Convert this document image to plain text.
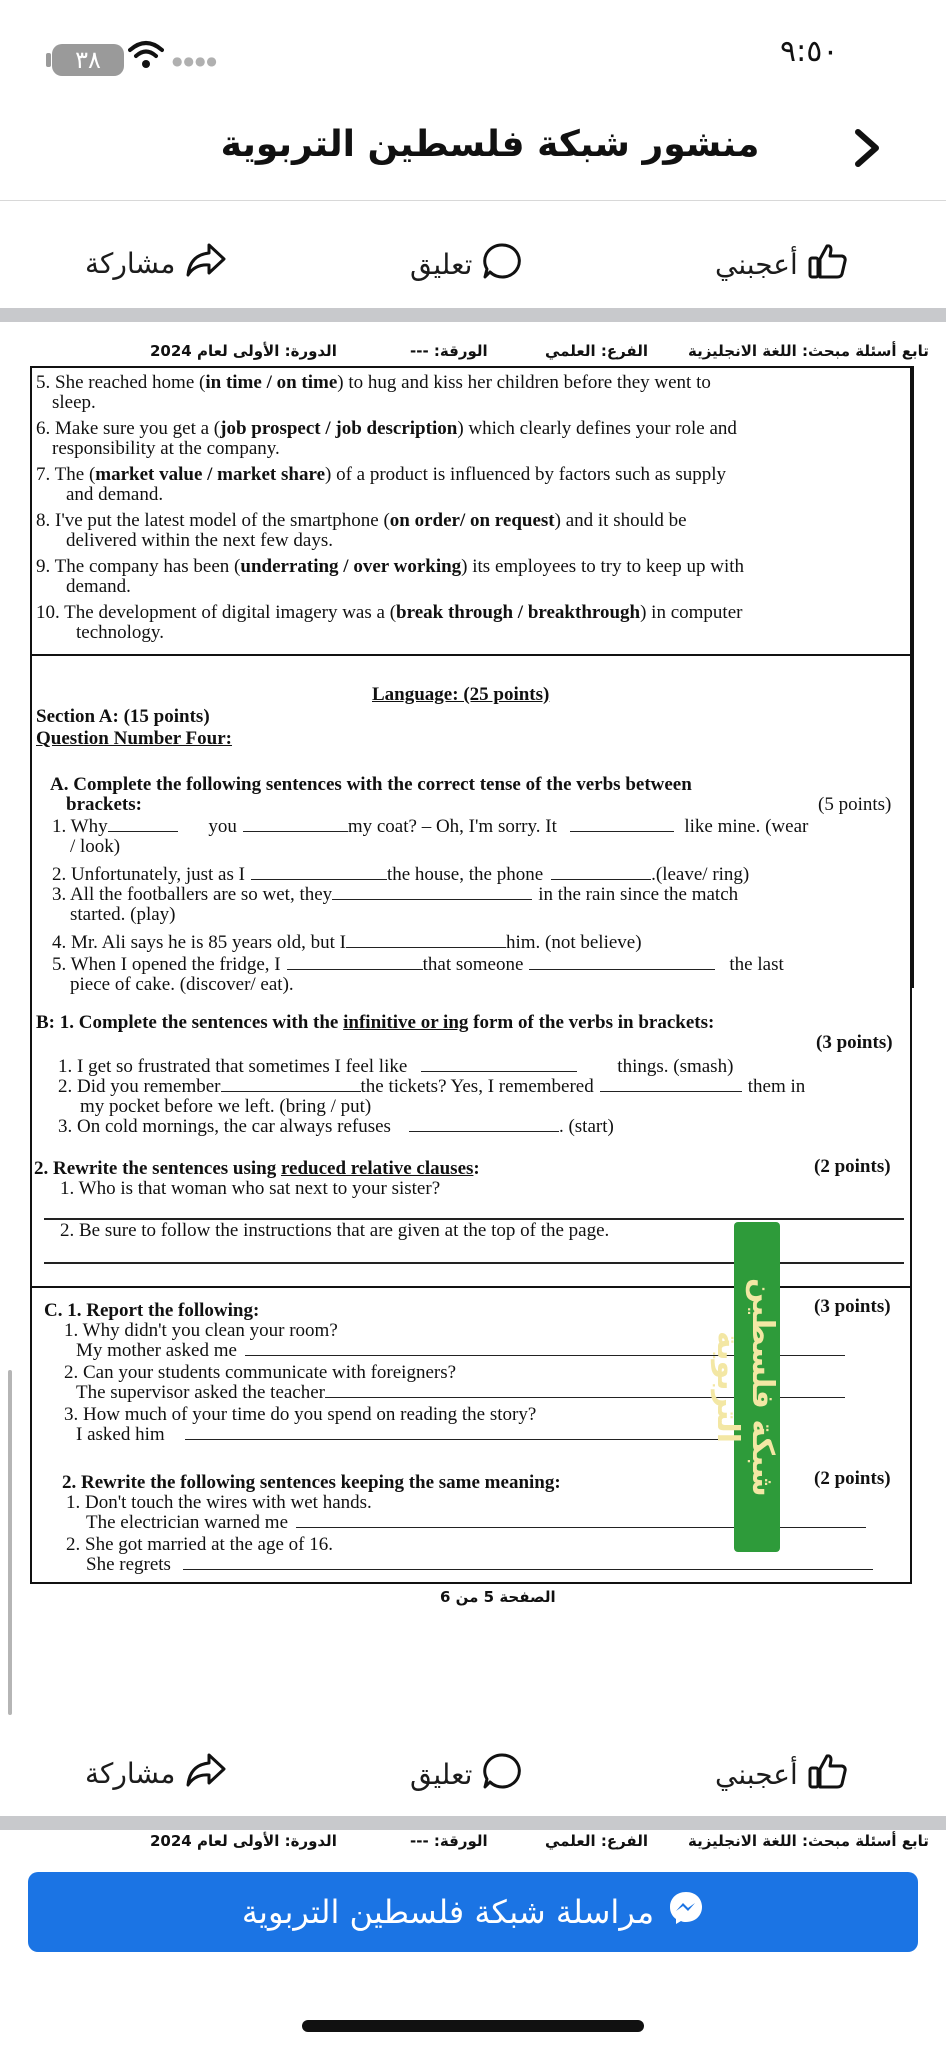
٩:٥٠
٣٨	●●●●
منشور شبكة فلسطين التربوية
أعجبني
تعليق
مشاركة
الدورة: الأولى لعام 2024	الورقة: ---	الفرع: العلمي	تابع أسئلة مبحث: اللغة الانجليزية
5. She reached home (in time / on time) to hug and kiss her children before they went to
sleep.
6. Make sure you get a (job prospect / job description) which clearly defines your role and
responsibility at the company.
7. The (market value / market share) of a product is influenced by factors such as supply
and demand.
8. I've put the latest model of the smartphone (on order/ on request) and it should be
delivered within the next few days.
9. The company has been (underrating / over working) its employees to try to keep up with
demand.
10. The development of digital imagery was a (break through / breakthrough) in computer
technology.
Language: (25 points)
Section A: (15 points)
Question Number Four:
A. Complete the following sentences with the correct tense of the verbs between
brackets:	(5 points)
1. Why	you	my coat? – Oh, I'm sorry. It	like mine. (wear
/ look)
2. Unfortunately, just as I	the house, the phone	.(leave/ ring)
3. All the footballers are so wet, they	in the rain since the match
started. (play)
4. Mr. Ali says he is 85 years old, but I	him. (not believe)
5. When I opened the fridge, I	that someone	the last
piece of cake. (discover/ eat).
B: 1. Complete the sentences with the infinitive or ing form of the verbs in brackets:
(3 points)
1. I get so frustrated that sometimes I feel like	things. (smash)
2. Did you remember	the tickets? Yes, I remembered	them in
my pocket before we left. (bring / put)
3. On cold mornings, the car always refuses	. (start)
2. Rewrite the sentences using reduced relative clauses:	(2 points)
1. Who is that woman who sat next to your sister?
2. Be sure to follow the instructions that are given at the top of the page.
C. 1. Report the following:	(3 points)
1. Why didn't you clean your room?
My mother asked me
2. Can your students communicate with foreigners?
The supervisor asked the teacher
3. How much of your time do you spend on reading the story?
I asked him
2. Rewrite the following sentences keeping the same meaning:	(2 points)
1. Don't touch the wires with wet hands.
The electrician warned me
2. She got married at the age of 16.
She regrets
الصفحة 5 من 6
شبكة فلسطين التربوية
أعجبني
تعليق
مشاركة
الدورة: الأولى لعام 2024	الورقة: ---	الفرع: العلمي	تابع أسئلة مبحث: اللغة الانجليزية
مراسلة شبكة فلسطين التربوية
